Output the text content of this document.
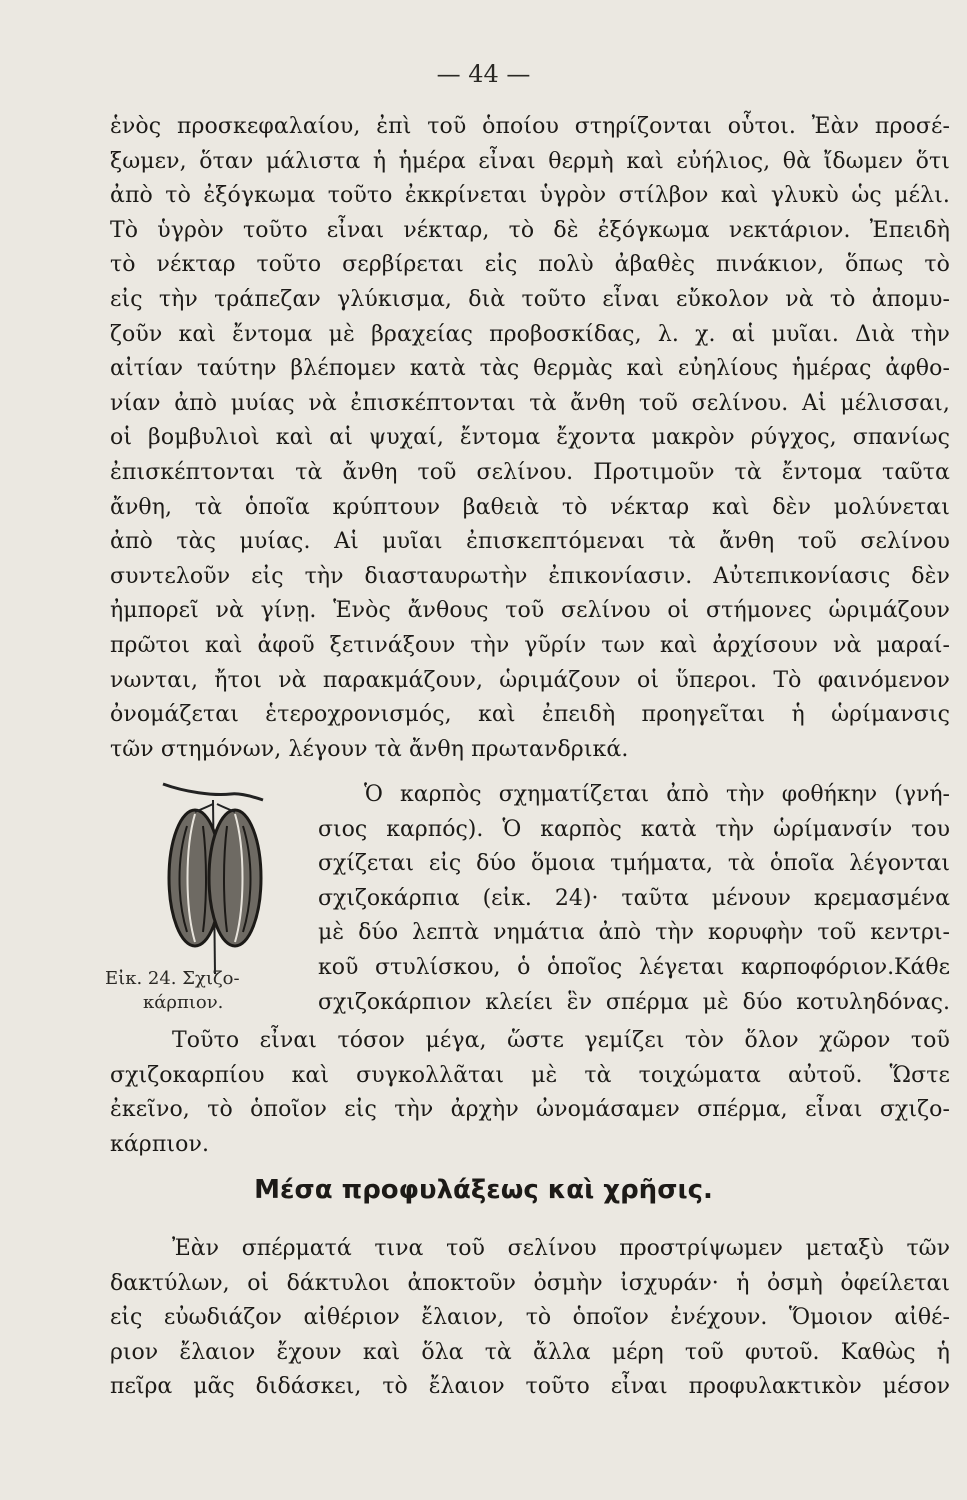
— 44 —
ἑνὸς προσκεφαλαίου, ἐπὶ τοῦ ὁποίου στηρίζονται οὗτοι. Ἐὰν προσέ-
ξωμεν, ὅταν μάλιστα ἡ ἡμέρα εἶναι θερμὴ καὶ εὐήλιος, θὰ ἴδωμεν ὅτι
ἀπὸ τὸ ἐξόγκωμα τοῦτο ἐκκρίνεται ὑγρὸν στίλβον καὶ γλυκὺ ὡς μέλι.
Τὸ ὑγρὸν τοῦτο εἶναι νέκταρ, τὸ δὲ ἐξόγκωμα νεκτάριον. Ἐπειδὴ
τὸ νέκταρ τοῦτο σερβίρεται εἰς πολὺ ἀβαθὲς πινάκιον, ὅπως τὸ
εἰς τὴν τράπεζαν γλύκισμα, διὰ τοῦτο εἶναι εὔκολον νὰ τὸ ἀπομυ-
ζοῦν καὶ ἔντομα μὲ βραχείας προβοσκίδας, λ. χ. αἱ μυῖαι. Διὰ τὴν
αἰτίαν ταύτην βλέπομεν κατὰ τὰς θερμὰς καὶ εὐηλίους ἡμέρας ἀφθο-
νίαν ἀπὸ μυίας νὰ ἐπισκέπτονται τὰ ἄνθη τοῦ σελίνου. Αἱ μέλισσαι,
οἱ βομβυλιοὶ καὶ αἱ ψυχαί, ἔντομα ἔχοντα μακρὸν ρύγχος, σπανίως
ἐπισκέπτονται τὰ ἄνθη τοῦ σελίνου. Προτιμοῦν τὰ ἔντομα ταῦτα
ἄνθη, τὰ ὁποῖα κρύπτουν βαθειὰ τὸ νέκταρ καὶ δὲν μολύνεται
ἀπὸ τὰς μυίας. Αἱ μυῖαι ἐπισκεπτόμεναι τὰ ἄνθη τοῦ σελίνου
συντελοῦν εἰς τὴν διασταυρωτὴν ἐπικονίασιν. Αὐτεπικονίασις δὲν
ἠμπορεῖ νὰ γίνῃ. Ἑνὸς ἄνθους τοῦ σελίνου οἱ στήμονες ὡριμάζουν
πρῶτοι καὶ ἀφοῦ ξετινάξουν τὴν γῦρίν των καὶ ἀρχίσουν νὰ μαραί-
νωνται, ἤτοι νὰ παρακμάζουν, ὡριμάζουν οἱ ὕπεροι. Τὸ φαινόμενον
ὀνομάζεται ἑτεροχρονισμός, καὶ ἐπειδὴ προηγεῖται ἡ ὡρίμανσις
τῶν στημόνων, λέγουν τὰ ἄνθη πρωτανδρικά.
Εἰκ. 24. Σχιζο-
κάρπιον.
Ὁ καρπὸς σχηματίζεται ἀπὸ τὴν φοθήκην (γνή-
σιος καρπός). Ὁ καρπὸς κατὰ τὴν ὡρίμανσίν του
σχίζεται εἰς δύο ὅμοια τμήματα, τὰ ὁποῖα λέγονται
σχιζοκάρπια (εἰκ. 24)· ταῦτα μένουν κρεμασμένα
μὲ δύο λεπτὰ νημάτια ἀπὸ τὴν κορυφὴν τοῦ κεντρι-
κοῦ στυλίσκου, ὁ ὁποῖος λέγεται καρποφόριον.Κάθε
σχιζοκάρπιον κλείει ἓν σπέρμα μὲ δύο κοτυληδόνας.
Τοῦτο εἶναι τόσον μέγα, ὥστε γεμίζει τὸν ὅλον χῶρον τοῦ
σχιζοκαρπίου καὶ συγκολλᾶται μὲ τὰ τοιχώματα αὐτοῦ. Ὥστε
ἐκεῖνο, τὸ ὁποῖον εἰς τὴν ἀρχὴν ὠνομάσαμεν σπέρμα, εἶναι σχιζο-
κάρπιον.
Μέσα προφυλάξεως καὶ χρῆσις.
Ἐὰν σπέρματά τινα τοῦ σελίνου προστρίψωμεν μεταξὺ τῶν
δακτύλων, οἱ δάκτυλοι ἀποκτοῦν ὀσμὴν ἰσχυράν· ἡ ὀσμὴ ὀφείλεται
εἰς εὐωδιάζον αἰθέριον ἔλαιον, τὸ ὁποῖον ἐνέχουν. Ὅμοιον αἰθέ-
ριον ἔλαιον ἔχουν καὶ ὅλα τὰ ἄλλα μέρη τοῦ φυτοῦ. Καθὼς ἡ
πεῖρα μᾶς διδάσκει, τὸ ἔλαιον τοῦτο εἶναι προφυλακτικὸν μέσον
